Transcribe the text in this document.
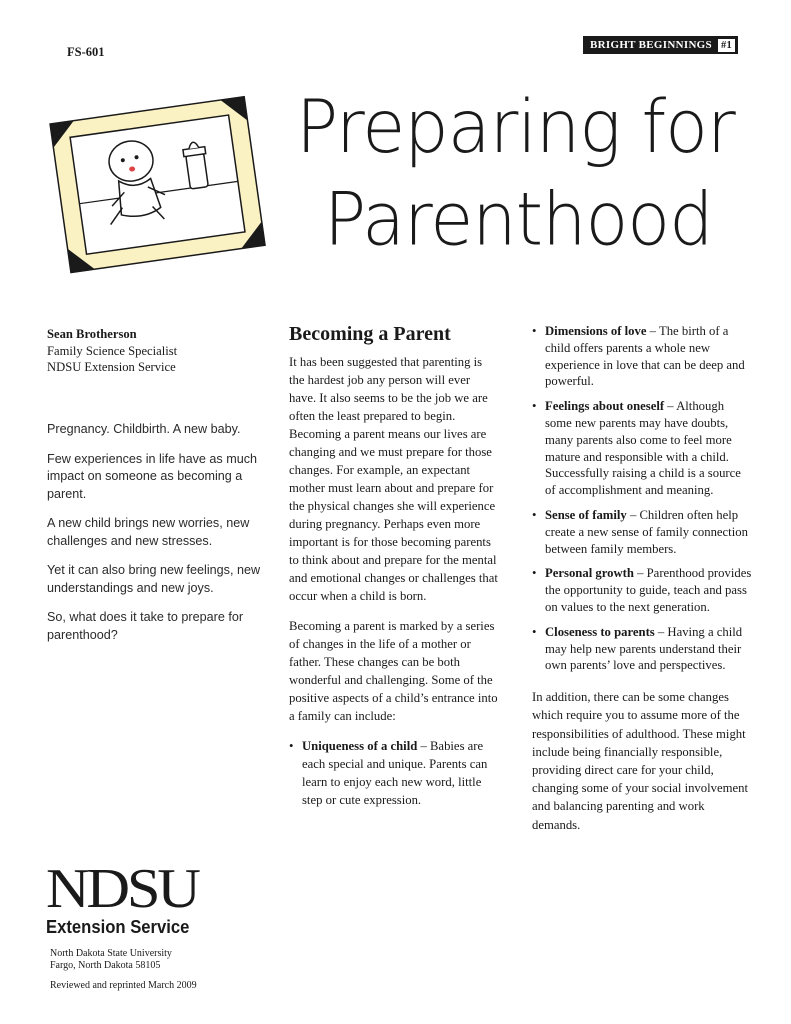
FS-601	BRIGHT BEGINNINGS #1
Preparing for

Parenthood
Sean Brotherson
Family Science Specialist
NDSU Extension Service

Pregnancy. Childbirth. A new baby.

Few experiences in life have as much impact on someone as becoming a parent.

A new child brings new worries, new challenges and new stresses.

Yet it can also bring new feelings, new understandings and new joys.

So, what does it take to prepare for parenthood?

Becoming a Parent

It has been suggested that parenting is the hardest job any person will ever have. It also seems to be the job we are often the least prepared to begin. Becoming a parent means our lives are changing and we must prepare for those changes. For example, an expectant mother must learn about and prepare for the physical changes she will experience during pregnancy. Perhaps even more important is for those becoming parents to think about and prepare for the mental and emotional changes or challenges that occur when a child is born.

Becoming a parent is marked by a series of changes in the life of a mother or father. These changes can be both wonderful and challenging. Some of the positive aspects of a child’s entrance into a family can include:

• Uniqueness of a child – Babies are each special and unique. Parents can learn to enjoy each new word, little step or cute expression.
• Dimensions of love – The birth of a child offers parents a whole new experience in love that can be deep and powerful.
• Feelings about oneself – Although some new parents may have doubts, many parents also come to feel more mature and responsible with a child. Successfully raising a child is a source of accomplishment and meaning.
• Sense of family – Children often help create a new sense of family connection between family members.
• Personal growth – Parenthood provides the opportunity to guide, teach and pass on values to the next generation.
• Closeness to parents – Having a child may help new parents understand their own parents’ love and perspectives.

In addition, there can be some changes which require you to assume more of the responsibilities of adulthood. These might include being financially responsible, providing direct care for your child, changing some of your social involvement and balancing parenting and work demands.

NDSU
Extension Service
North Dakota State University
Fargo, North Dakota 58105
Reviewed and reprinted March 2009
